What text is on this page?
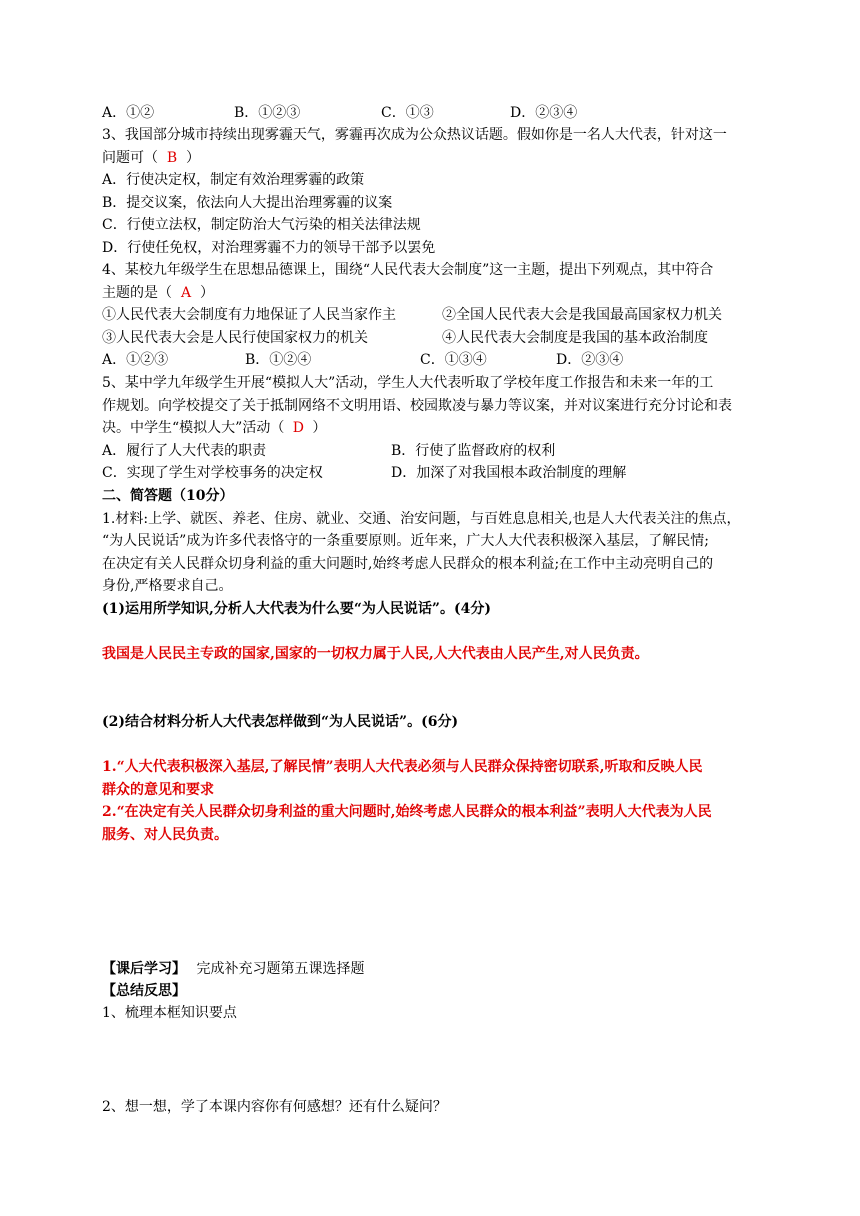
A．①②	B．①②③	C．①③	D．②③④
3、我国部分城市持续出现雾霾天气，雾霾再次成为公众热议话题。假如你是一名人大代表，针对这一
问题可（ B ）
A．行使决定权，制定有效治理雾霾的政策
B．提交议案，依法向人大提出治理雾霾的议案
C．行使立法权，制定防治大气污染的相关法律法规
D．行使任免权，对治理雾霾不力的领导干部予以罢免
4、某校九年级学生在思想品德课上，围绕“人民代表大会制度”这一主题，提出下列观点，其中符合
主题的是（ A ）
①人民代表大会制度有力地保证了人民当家作主	②全国人民代表大会是我国最高国家权力机关
③人民代表大会是人民行使国家权力的机关	④人民代表大会制度是我国的基本政治制度
A．①②③	B．①②④	C．①③④	D．②③④
5、某中学九年级学生开展“模拟人大”活动，学生人大代表听取了学校年度工作报告和未来一年的工
作规划。向学校提交了关于抵制网络不文明用语、校园欺凌与暴力等议案，并对议案进行充分讨论和表
决。中学生“模拟人大”活动（ D ）
A．履行了人大代表的职责	B．行使了监督政府的权利
C．实现了学生对学校事务的决定权	D．加深了对我国根本政治制度的理解
二、简答题（10分）
1.材料:上学、就医、养老、住房、就业、交通、治安问题，与百姓息息相关,也是人大代表关注的焦点，
“为人民说话”成为许多代表恪守的一条重要原则。近年来，广大人大代表积极深入基层，了解民情;
在决定有关人民群众切身利益的重大问题时,始终考虑人民群众的根本利益;在工作中主动亮明自己的
身份,严格要求自己。
(1)运用所学知识,分析人大代表为什么要“为人民说话”。(4分)
我国是人民民主专政的国家,国家的一切权力属于人民,人大代表由人民产生,对人民负责。
(2)结合材料分析人大代表怎样做到“为人民说话”。(6分)
1.“人大代表积极深入基层,了解民情”表明人大代表必须与人民群众保持密切联系,听取和反映人民
群众的意见和要求
2.“在决定有关人民群众切身利益的重大问题时,始终考虑人民群众的根本利益”表明人大代表为人民
服务、对人民负责。
【课后学习】 完成补充习题第五课选择题
【总结反思】
1、梳理本框知识要点
2、想一想，学了本课内容你有何感想？还有什么疑问？
